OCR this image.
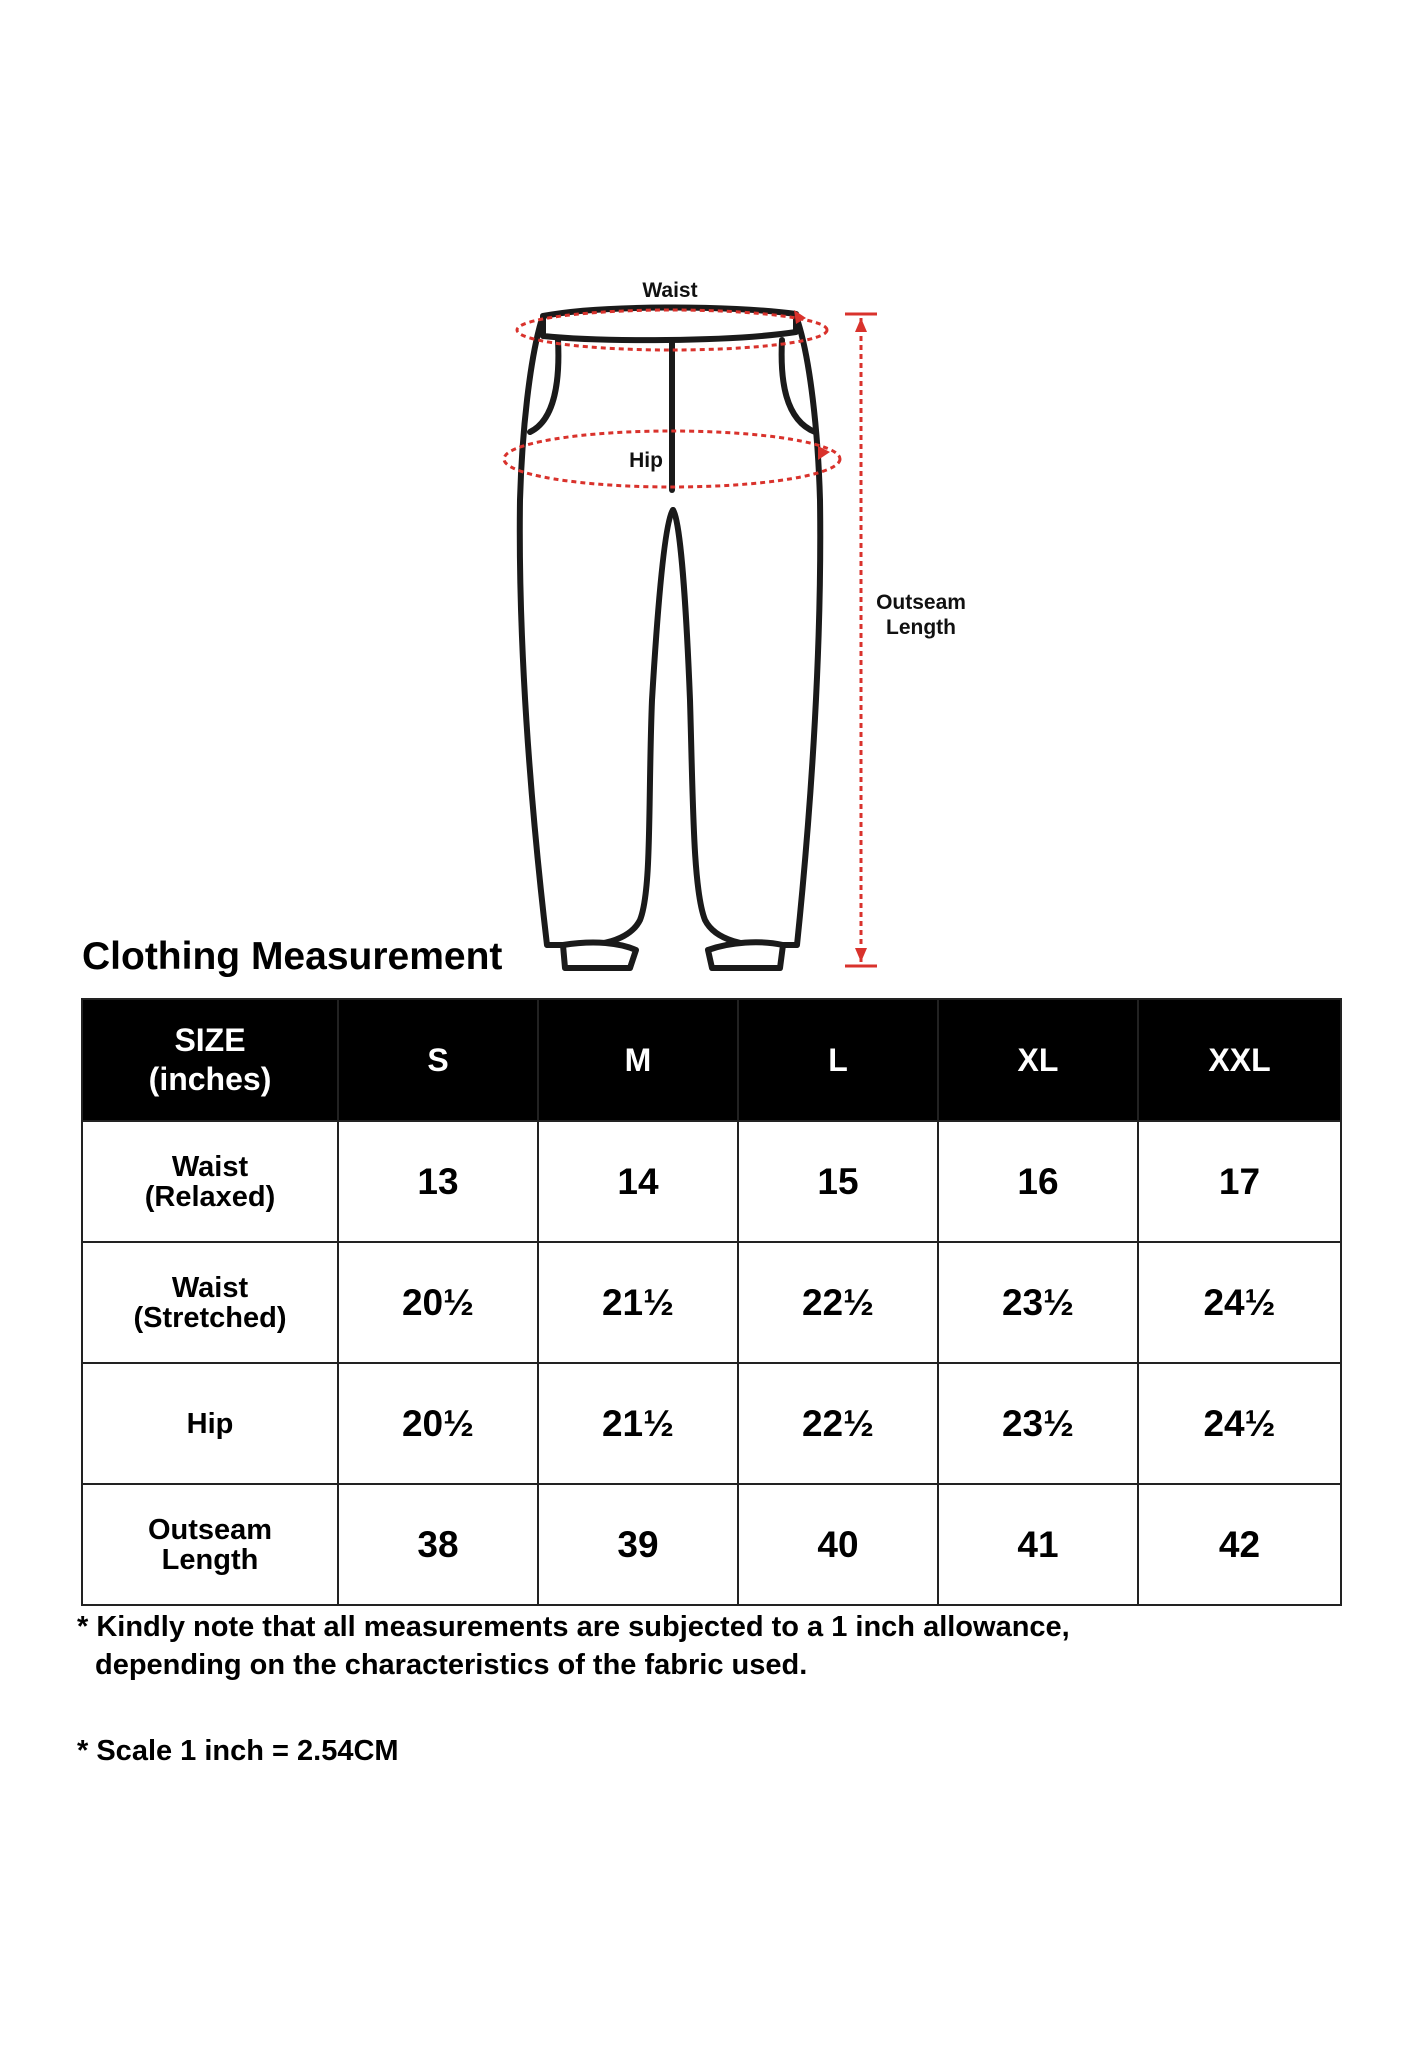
Waist
Hip
Outseam
Length
Clothing Measurement
SIZE
(inches)	S	M	L	XL	XXL

Waist
(Relaxed)	13	14	15	16	17

Waist
(Stretched)	20½	21½	22½	23½	24½

Hip	20½	21½	22½	23½	24½

Outseam
Length	38	39	40	41	42
* Kindly note that all measurements are subjected to a 1 inch allowance,
depending on the characteristics of the fabric used.
* Scale 1 inch = 2.54CM
